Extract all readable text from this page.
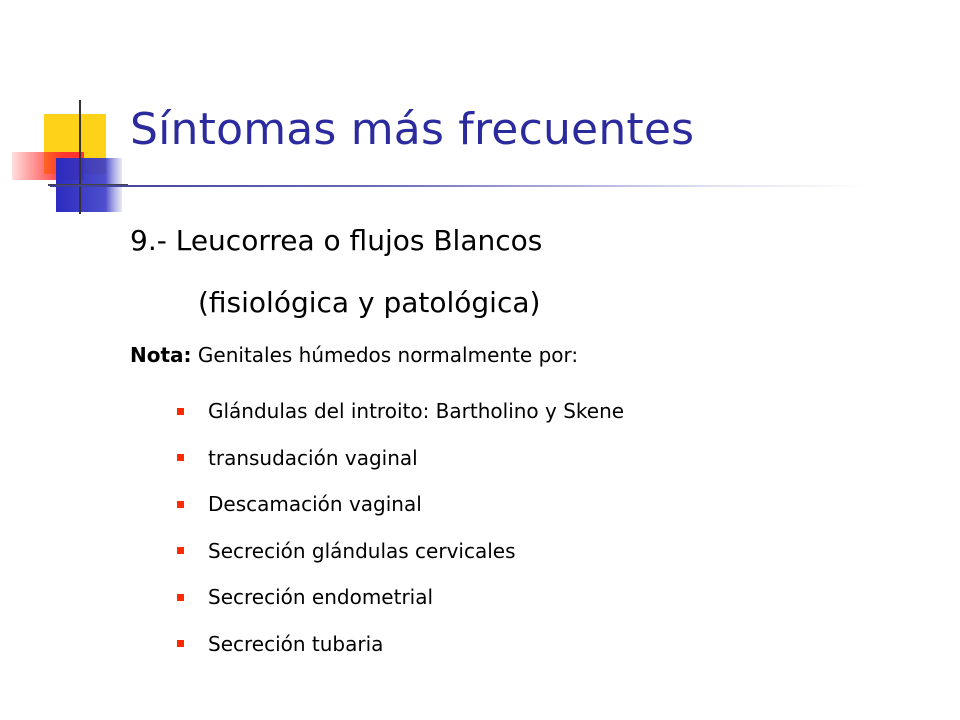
Síntomas más frecuentes

9.- Leucorrea o flujos Blancos

(fisiológica y patológica)

Nota: Genitales húmedos normalmente por:
Glándulas del introito: Bartholino y Skene
transudación vaginal
Descamación vaginal
Secreción glándulas cervicales
Secreción endometrial
Secreción tubaria
